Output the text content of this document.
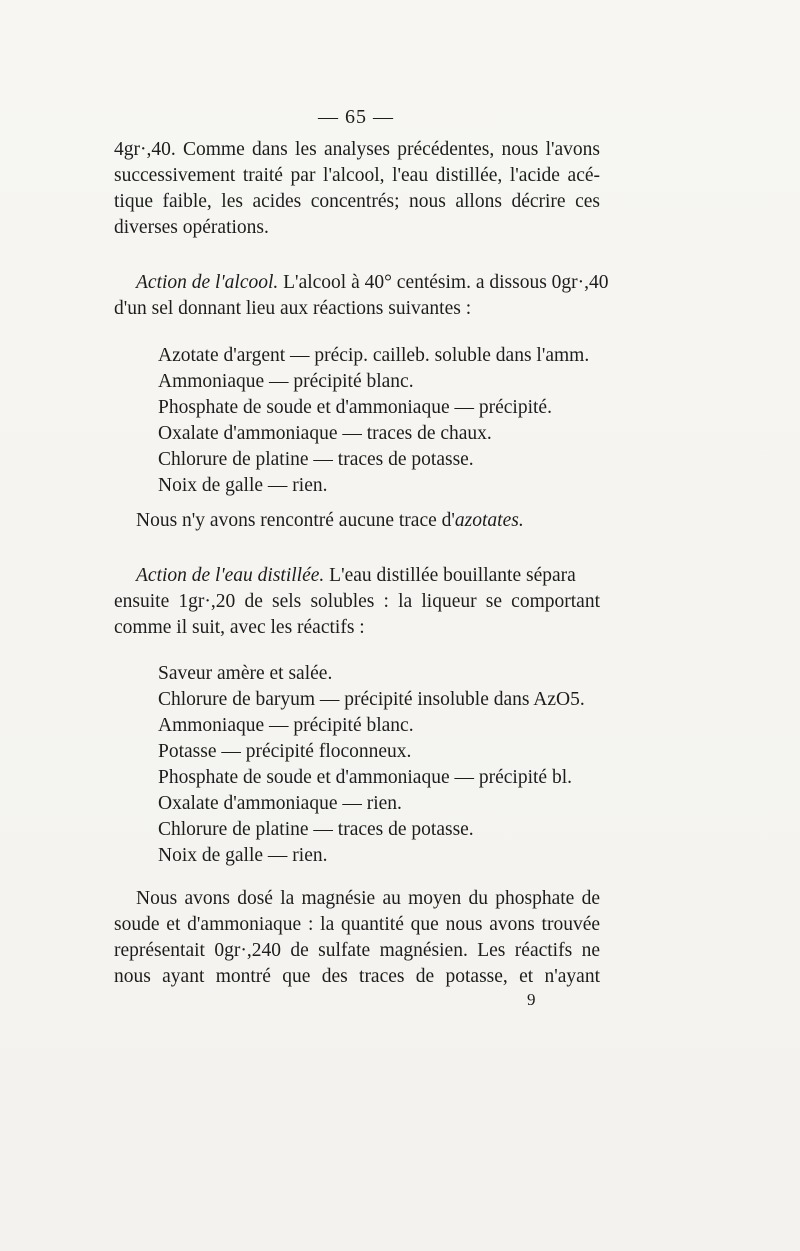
— 65 —
4gr·,40. Comme dans les analyses précédentes, nous l'avons
successivement traité par l'alcool, l'eau distillée, l'acide acé-
tique faible, les acides concentrés; nous allons décrire ces
diverses opérations.
Action de l'alcool. L'alcool à 40° centésim. a dissous 0gr·,40
d'un sel donnant lieu aux réactions suivantes :
Azotate d'argent — précip. cailleb. soluble dans l'amm.
Ammoniaque — précipité blanc.
Phosphate de soude et d'ammoniaque — précipité.
Oxalate d'ammoniaque — traces de chaux.
Chlorure de platine — traces de potasse.
Noix de galle — rien.
Nous n'y avons rencontré aucune trace d'azotates.
Action de l'eau distillée. L'eau distillée bouillante sépara
ensuite 1gr·,20 de sels solubles : la liqueur se comportant
comme il suit, avec les réactifs :
Saveur amère et salée.
Chlorure de baryum — précipité insoluble dans AzO5.
Ammoniaque — précipité blanc.
Potasse — précipité floconneux.
Phosphate de soude et d'ammoniaque — précipité bl.
Oxalate d'ammoniaque — rien.
Chlorure de platine — traces de potasse.
Noix de galle — rien.
Nous avons dosé la magnésie au moyen du phosphate de
soude et d'ammoniaque : la quantité que nous avons trouvée
représentait 0gr·,240 de sulfate magnésien. Les réactifs ne
nous ayant montré que des traces de potasse, et n'ayant
9
